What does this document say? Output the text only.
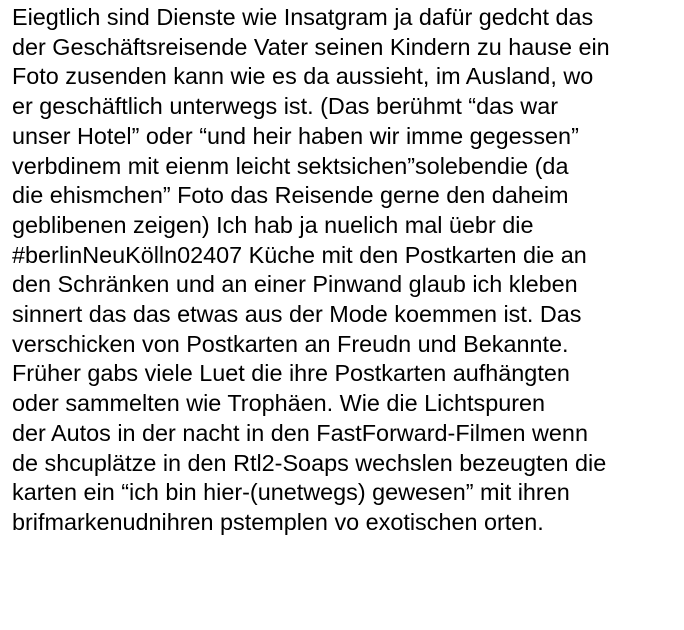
Eiegtlich sind Dienste wie Insatgram ja dafür gedcht das
der Geschäftsreisende Vater seinen Kindern zu hause ein
Foto zusenden kann wie es da aussieht, im Ausland, wo
er geschäftlich unterwegs ist. (Das berühmt “das war
unser Hotel” oder “und heir haben wir imme gegessen”
verbdinem mit eienm leicht sektsichen”solebendie (da
die ehismchen” Foto das Reisende gerne den daheim
geblibenen zeigen) Ich hab ja nuelich mal üebr die
#berlinNeuKölln02407 Küche mit den Postkarten die an
den Schränken und an einer Pinwand glaub ich kleben
sinnert das das etwas aus der Mode koemmen ist. Das
verschicken von Postkarten an Freudn und Bekannte.
Früher gabs viele Luet die ihre Postkarten aufhängten
oder sammelten wie Trophäen. Wie die Lichtspuren
der Autos in der nacht in den FastForward-Filmen wenn
de shcuplätze in den Rtl2-Soaps wechslen bezeugten die
karten ein “ich bin hier-(unetwegs) gewesen” mit ihren
brifmarkenudnihren pstemplen vo exotischen orten.
